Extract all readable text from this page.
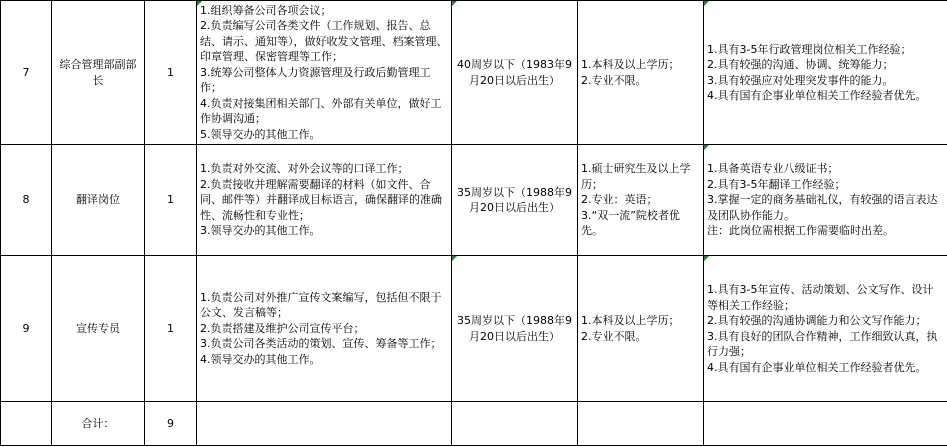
7	综合管理部副部长	1	1.组织筹备公司各项会议；
2.负责编写公司各类文件（工作规划、报告、总结、请示、通知等），做好收发文管理、档案管理、印章管理、保密管理等工作；
3.统筹公司整体人力资源管理及行政后勤管理工作；
4.负责对接集团相关部门、外部有关单位，做好工作协调沟通；
5.领导交办的其他工作。	40周岁以下（1983年9月20日以后出生）	1.本科及以上学历；
2.专业不限。	1.具有3-5年行政管理岗位相关工作经验；
2.具有较强的沟通、协调、统筹能力；
3.具有较强应对处理突发事件的能力。
4.具有国有企事业单位相关工作经验者优先。

8	翻译岗位	1	1.负责对外交流、对外会议等的口译工作；
2.负责接收并理解需要翻译的材料（如文件、合同、邮件等）并翻译成目标语言，确保翻译的准确性、流畅性和专业性；
3.领导交办的其他工作。	35周岁以下（1988年9月20日以后出生）	1.硕士研究生及以上学历；
2.专业：英语；
3.“双一流”院校者优先。	1.具备英语专业八级证书；
2.具有3-5年翻译工作经验；
3.掌握一定的商务基础礼仪，有较强的语言表达及团队协作能力。
注：此岗位需根据工作需要临时出差。

9	宣传专员	1	1.负责公司对外推广宣传文案编写，包括但不限于公文、发言稿等；
2.负责搭建及维护公司宣传平台；
3.负责公司各类活动的策划、宣传、筹备等工作；
4.领导交办的其他工作。	35周岁以下（1988年9月20日以后出生）	1.本科及以上学历；
2.专业不限。	1.具有3-5年宣传、活动策划、公文写作、设计等相关工作经验；
2.具有较强的沟通协调能力和公文写作能力；
3.具有良好的团队合作精神，工作细致认真，执行力强；
4.具有国有企事业单位相关工作经验者优先。

	合计：	9				
